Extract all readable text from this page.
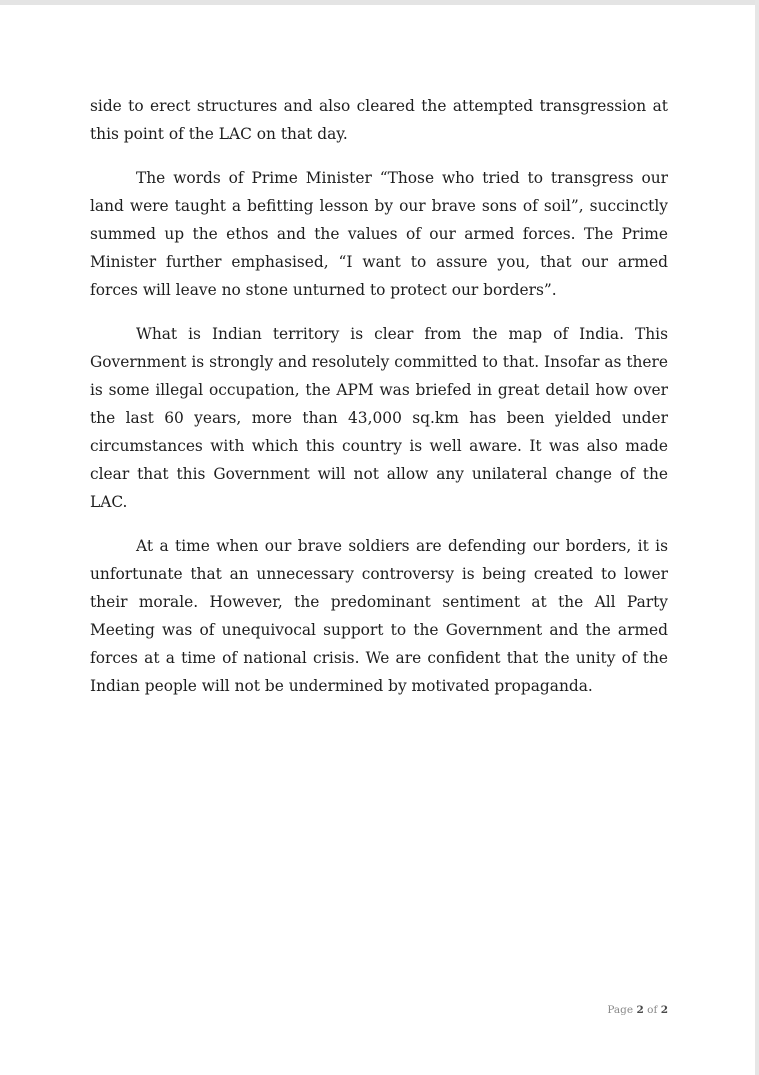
side to erect structures and also cleared the attempted transgression at this point of the LAC on that day.

The words of Prime Minister “Those who tried to transgress our land were taught a befitting lesson by our brave sons of soil”, succinctly summed up the ethos and the values of our armed forces. The Prime Minister further emphasised, “I want to assure you, that our armed forces will leave no stone unturned to protect our borders”.

What is Indian territory is clear from the map of India. This Government is strongly and resolutely committed to that. Insofar as there is some illegal occupation, the APM was briefed in great detail how over the last 60 years, more than 43,000 sq.km has been yielded under circumstances with which this country is well aware. It was also made clear that this Government will not allow any unilateral change of the LAC.

At a time when our brave soldiers are defending our borders, it is unfortunate that an unnecessary controversy is being created to lower their morale. However, the predominant sentiment at the All Party Meeting was of unequivocal support to the Government and the armed forces at a time of national crisis. We are confident that the unity of the Indian people will not be undermined by motivated propaganda.

Page 2 of 2
